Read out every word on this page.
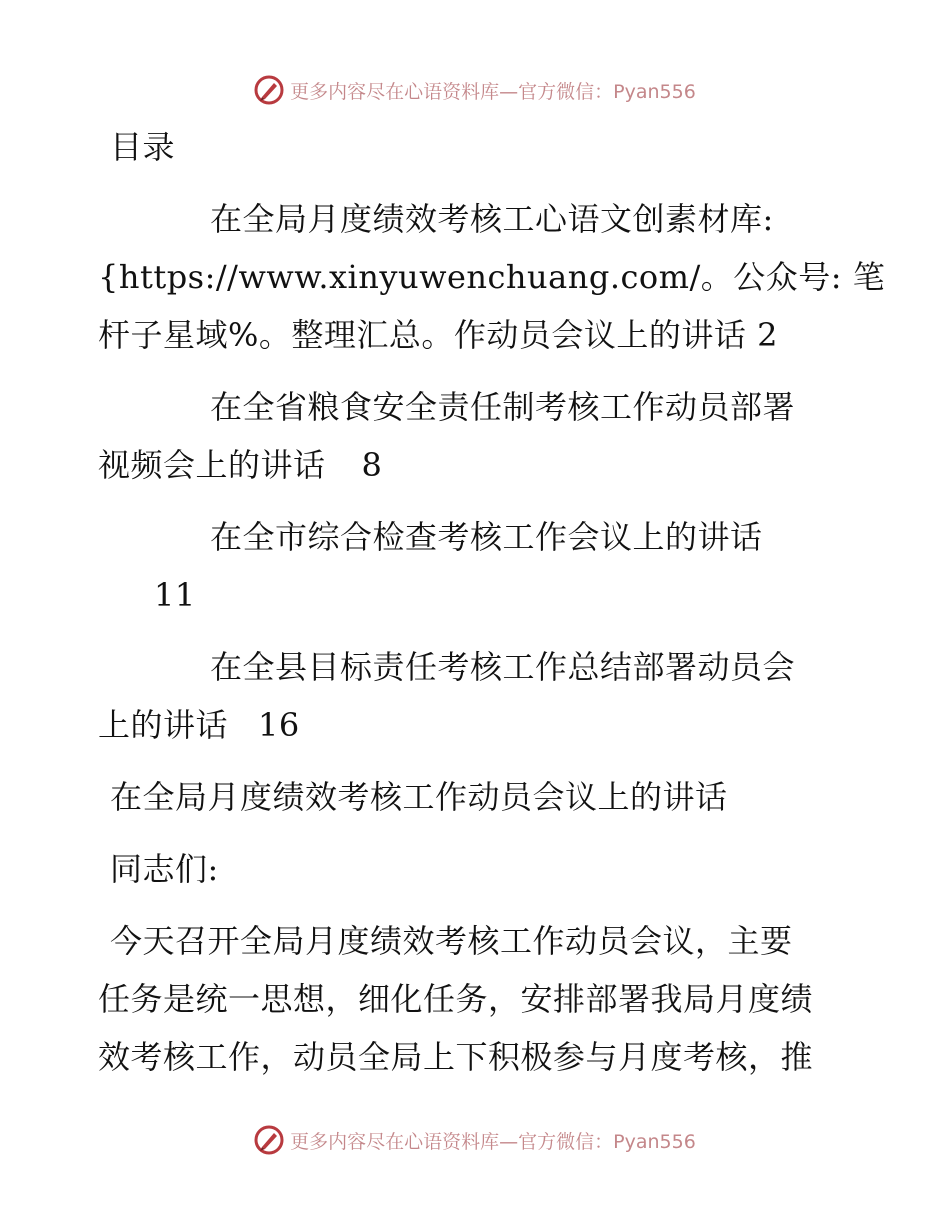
更多内容尽在心语资料库—官方微信：Pyan556
目录
在全局月度绩效考核工心语文创素材库:
{https://www.xinyuwenchuang.com/。公众号: 笔
杆子星域%。整理汇总。作动员会议上的讲话 2
在全省粮食安全责任制考核工作动员部署
视频会上的讲话 8
在全市综合检查考核工作会议上的讲话
11
在全县目标责任考核工作总结部署动员会
上的讲话 16
在全局月度绩效考核工作动员会议上的讲话
同志们:
今天召开全局月度绩效考核工作动员会议，主要
任务是统一思想，细化任务，安排部署我局月度绩
效考核工作，动员全局上下积极参与月度考核，推
更多内容尽在心语资料库—官方微信：Pyan556
